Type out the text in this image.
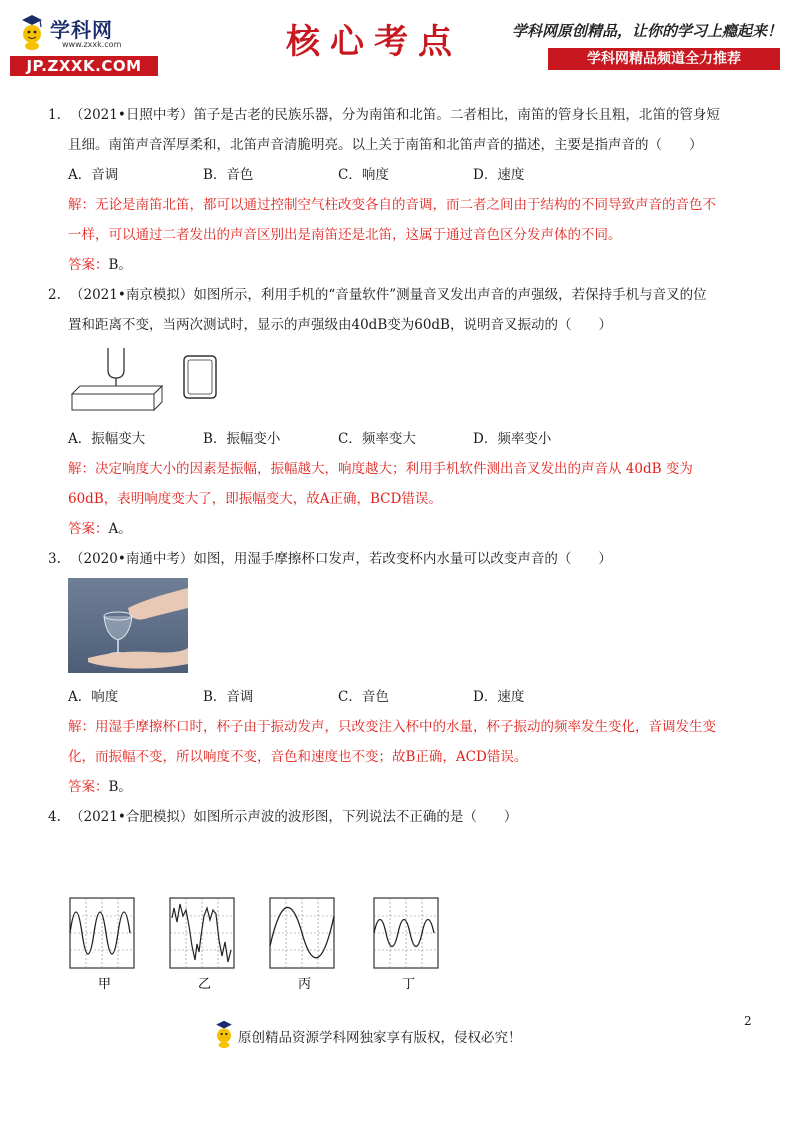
学科网
www.zxxk.com
JP.ZXXK.COM
核心考点	学科网原创精品，让你的学习上瘾起来！
学科网精品频道全力推荐
1. （2021•日照中考）笛子是古老的民族乐器，分为南笛和北笛。二者相比，南笛的管身长且粗，北笛的管身短
且细。南笛声音浑厚柔和，北笛声音清脆明亮。以上关于南笛和北笛声音的描述，主要是指声音的（　　）
A．音调	B．音色	C．响度	D．速度
解：无论是南笛北笛，都可以通过控制空气柱改变各自的音调，而二者之间由于结构的不同导致声音的音色不
一样，可以通过二者发出的声音区别出是南笛还是北笛，这属于通过音色区分发声体的不同。
答案：B。
2. （2021•南京模拟）如图所示，利用手机的“音量软件”测量音叉发出声音的声强级，若保持手机与音叉的位
置和距离不变，当两次测试时，显示的声强级由40dB变为60dB，说明音叉振动的（　　）
A．振幅变大	B．振幅变小	C．频率变大	D．频率变小
解：决定响度大小的因素是振幅，振幅越大，响度越大；利用手机软件测出音叉发出的声音从 40dB 变为
60dB，表明响度变大了，即振幅变大，故A正确，BCD错误。
答案：A。
3. （2020•南通中考）如图，用湿手摩擦杯口发声，若改变杯内水量可以改变声音的（　　）
A．响度	B．音调	C．音色	D．速度
解：用湿手摩擦杯口时，杯子由于振动发声，只改变注入杯中的水量，杯子振动的频率发生变化，音调发生变
化，而振幅不变，所以响度不变，音色和速度也不变；故B正确，ACD错误。
答案：B。
4. （2021•合肥模拟）如图所示声波的波形图，下列说法不正确的是（　　）
甲	乙	丙	丁
原创精品资源学科网独家享有版权，侵权必究！
2
